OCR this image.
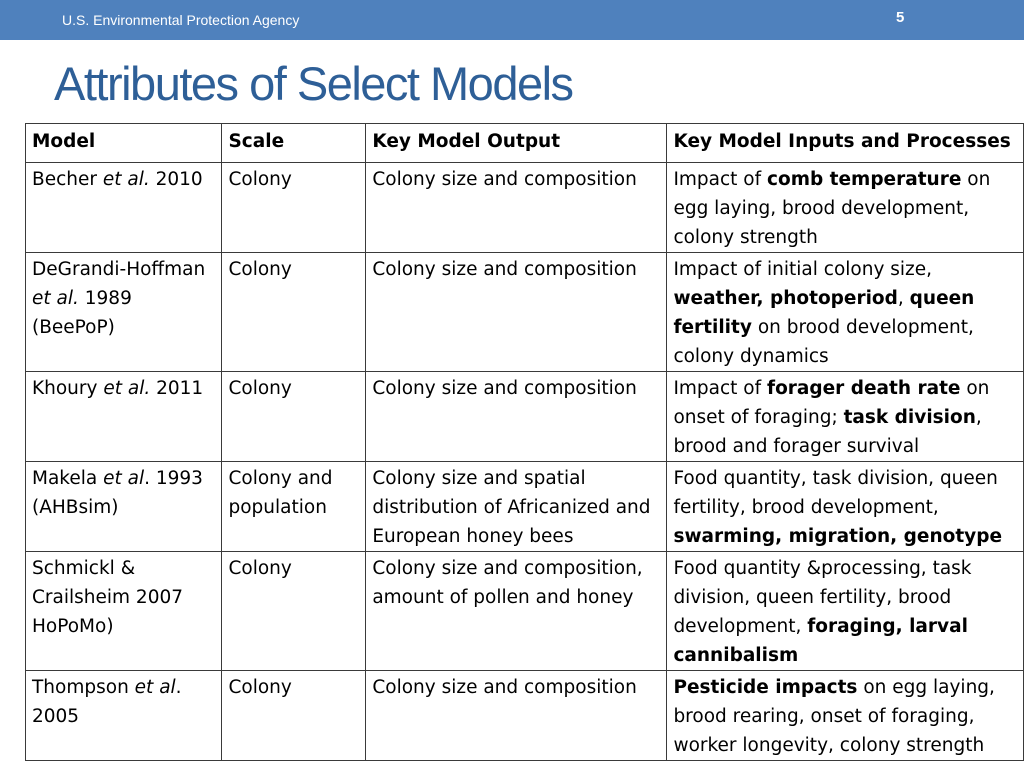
U.S. Environmental Protection Agency	5
Attributes of Select Models
Model	Scale	Key Model Output	Key Model Inputs and Processes
Becher et al. 2010	Colony	Colony size and composition	Impact of comb temperature on egg laying, brood development, colony strength
DeGrandi-Hoffman et al. 1989 (BeePoP)	Colony	Colony size and composition	Impact of initial colony size, weather, photoperiod, queen fertility on brood development, colony dynamics
Khoury et al. 2011	Colony	Colony size and composition	Impact of forager death rate on onset of foraging; task division, brood and forager survival
Makela et al. 1993 (AHBsim)	Colony and population	Colony size and spatial distribution of Africanized and European honey bees	Food quantity, task division, queen fertility, brood development, swarming, migration, genotype
Schmickl & Crailsheim 2007 HoPoMo)	Colony	Colony size and composition, amount of pollen and honey	Food quantity &processing, task division, queen fertility, brood development, foraging, larval cannibalism
Thompson et al. 2005	Colony	Colony size and composition	Pesticide impacts on egg laying, brood rearing, onset of foraging, worker longevity, colony strength
